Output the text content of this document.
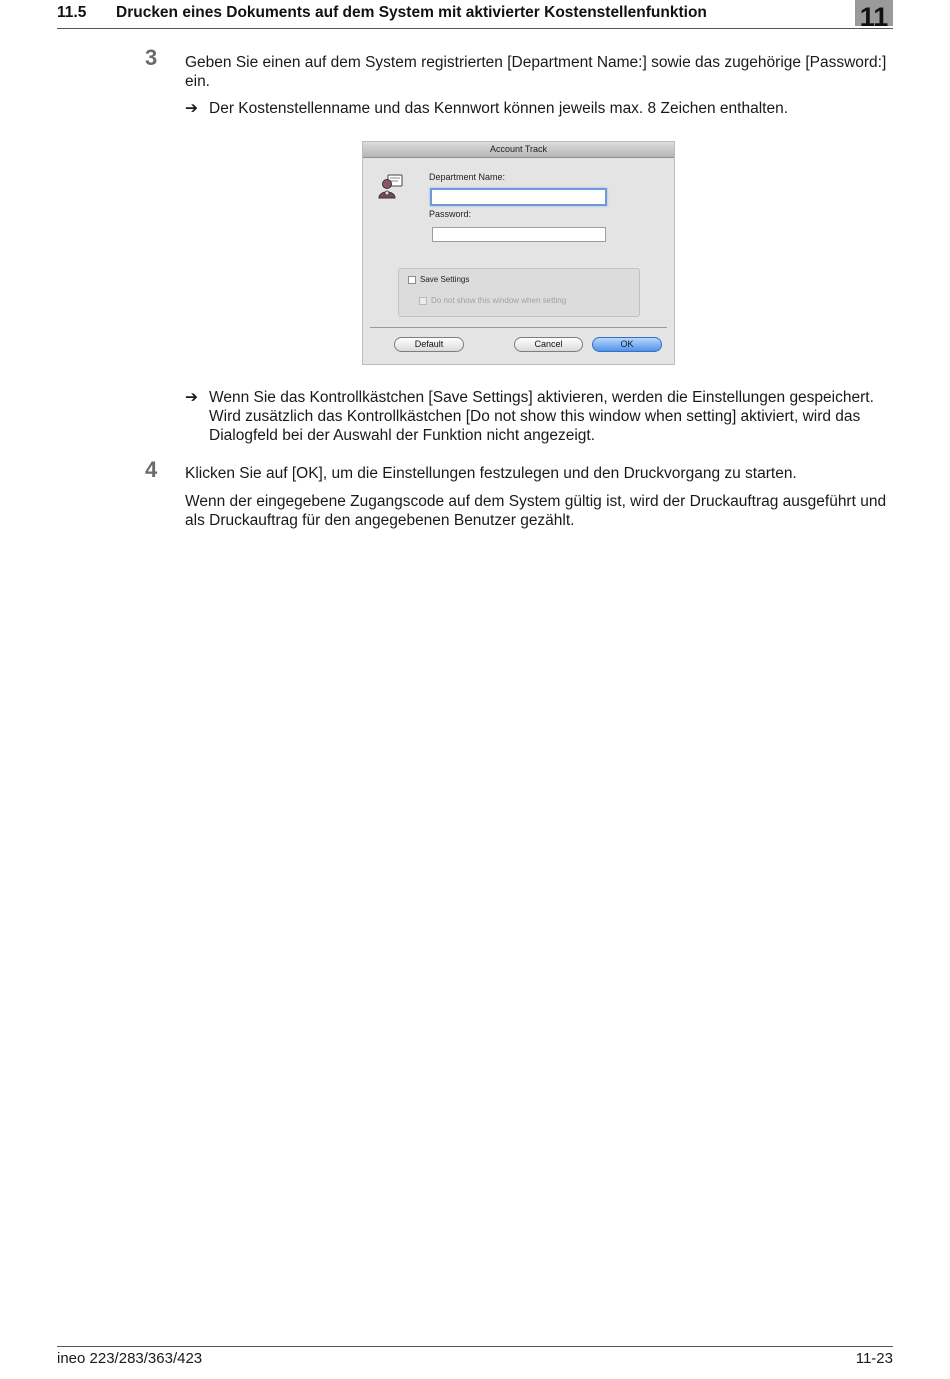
11.5 Drucken eines Dokuments auf dem System mit aktivierter Kostenstellenfunktion	11
3 Geben Sie einen auf dem System registrierten [Department Name:] sowie das zugehörige [Password:] ein.
➔ Der Kostenstellenname und das Kennwort können jeweils max. 8 Zeichen enthalten.
Account Track
Department Name:
Password:
Save Settings
Do not show this window when setting
Default	Cancel	OK
➔ Wenn Sie das Kontrollkästchen [Save Settings] aktivieren, werden die Einstellungen gespeichert. Wird zusätzlich das Kontrollkästchen [Do not show this window when setting] aktiviert, wird das Dialogfeld bei der Auswahl der Funktion nicht angezeigt.
4 Klicken Sie auf [OK], um die Einstellungen festzulegen und den Druckvorgang zu starten.
Wenn der eingegebene Zugangscode auf dem System gültig ist, wird der Druckauftrag ausgeführt und als Druckauftrag für den angegebenen Benutzer gezählt.
ineo 223/283/363/423	11-23
